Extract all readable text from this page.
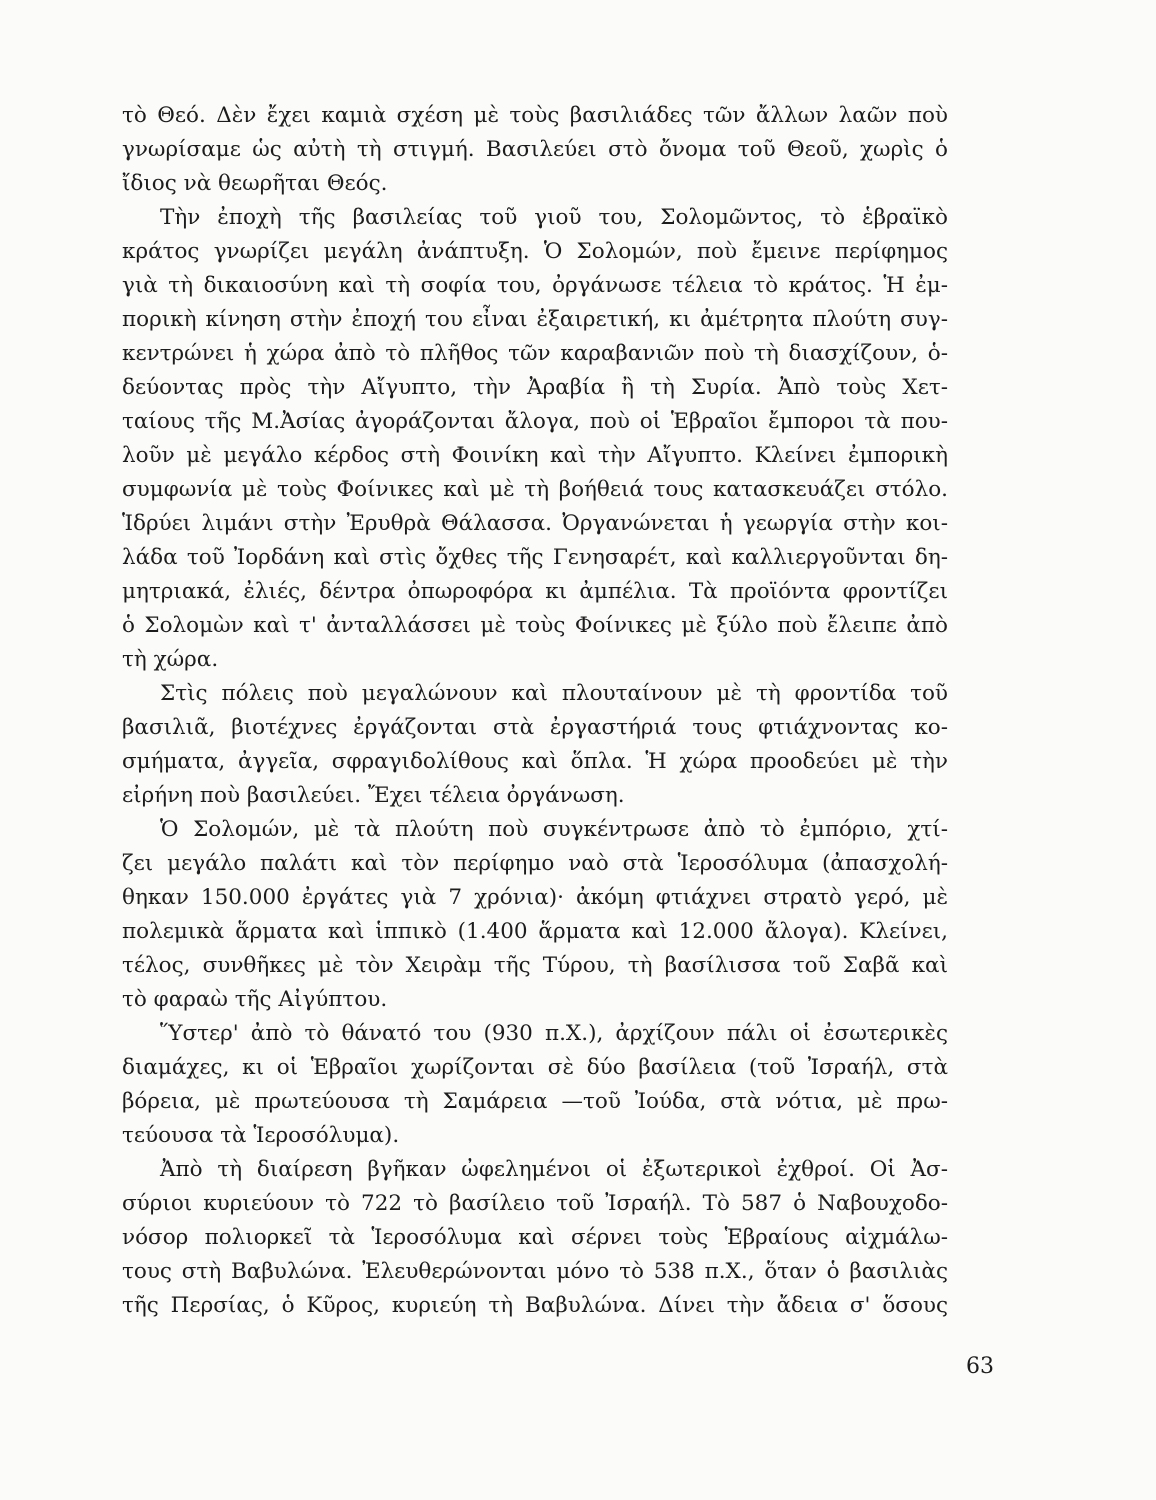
τὸ Θεό. Δὲν ἔχει καμιὰ σχέση μὲ τοὺς βασιλιάδες τῶν ἄλλων λαῶν ποὺ
γνωρίσαμε ὡς αὐτὴ τὴ στιγμή. Βασιλεύει στὸ ὄνομα τοῦ Θεοῦ, χωρὶς ὁ
ἴδιος νὰ θεωρῆται Θεός.
Τὴν ἐποχὴ τῆς βασιλείας τοῦ γιοῦ του, Σολομῶντος, τὸ ἑβραϊκὸ
κράτος γνωρίζει μεγάλη ἀνάπτυξη. Ὁ Σολομών, ποὺ ἔμεινε περίφημος
γιὰ τὴ δικαιοσύνη καὶ τὴ σοφία του, ὀργάνωσε τέλεια τὸ κράτος. Ἡ ἐμ-
πορικὴ κίνηση στὴν ἐποχή του εἶναι ἐξαιρετική, κι ἀμέτρητα πλούτη συγ-
κεντρώνει ἡ χώρα ἀπὸ τὸ πλῆθος τῶν καραβανιῶν ποὺ τὴ διασχίζουν, ὁ-
δεύοντας πρὸς τὴν Αἴγυπτο, τὴν Ἀραβία ἢ τὴ Συρία. Ἀπὸ τοὺς Χετ-
ταίους τῆς Μ.Ἀσίας ἀγοράζονται ἄλογα, ποὺ οἱ Ἑβραῖοι ἔμποροι τὰ που-
λοῦν μὲ μεγάλο κέρδος στὴ Φοινίκη καὶ τὴν Αἴγυπτο. Κλείνει ἐμπορικὴ
συμφωνία μὲ τοὺς Φοίνικες καὶ μὲ τὴ βοήθειά τους κατασκευάζει στόλο.
Ἱδρύει λιμάνι στὴν Ἐρυθρὰ Θάλασσα. Ὀργανώνεται ἡ γεωργία στὴν κοι-
λάδα τοῦ Ἰορδάνη καὶ στὶς ὄχθες τῆς Γενησαρέτ, καὶ καλλιεργοῦνται δη-
μητριακά, ἐλιές, δέντρα ὀπωροφόρα κι ἀμπέλια. Τὰ προϊόντα φροντίζει
ὁ Σολομὼν καὶ τ' ἀνταλλάσσει μὲ τοὺς Φοίνικες μὲ ξύλο ποὺ ἔλειπε ἀπὸ
τὴ χώρα.
Στὶς πόλεις ποὺ μεγαλώνουν καὶ πλουταίνουν μὲ τὴ φροντίδα τοῦ
βασιλιᾶ, βιοτέχνες ἐργάζονται στὰ ἐργαστήριά τους φτιάχνοντας κο-
σμήματα, ἀγγεῖα, σφραγιδολίθους καὶ ὅπλα. Ἡ χώρα προοδεύει μὲ τὴν
εἰρήνη ποὺ βασιλεύει. Ἔχει τέλεια ὀργάνωση.
Ὁ Σολομών, μὲ τὰ πλούτη ποὺ συγκέντρωσε ἀπὸ τὸ ἐμπόριο, χτί-
ζει μεγάλο παλάτι καὶ τὸν περίφημο ναὸ στὰ Ἱεροσόλυμα (ἀπασχολή-
θηκαν 150.000 ἐργάτες γιὰ 7 χρόνια)· ἀκόμη φτιάχνει στρατὸ γερό, μὲ
πολεμικὰ ἅρματα καὶ ἱππικὸ (1.400 ἅρματα καὶ 12.000 ἄλογα). Κλείνει,
τέλος, συνθῆκες μὲ τὸν Χειρὰμ τῆς Τύρου, τὴ βασίλισσα τοῦ Σαβᾶ καὶ
τὸ φαραὼ τῆς Αἰγύπτου.
Ὕστερ' ἀπὸ τὸ θάνατό του (930 π.Χ.), ἀρχίζουν πάλι οἱ ἐσωτερικὲς
διαμάχες, κι οἱ Ἑβραῖοι χωρίζονται σὲ δύο βασίλεια (τοῦ Ἰσραήλ, στὰ
βόρεια, μὲ πρωτεύουσα τὴ Σαμάρεια —τοῦ Ἰούδα, στὰ νότια, μὲ πρω-
τεύουσα τὰ Ἱεροσόλυμα).
Ἀπὸ τὴ διαίρεση βγῆκαν ὠφελημένοι οἱ ἐξωτερικοὶ ἐχθροί. Οἱ Ἀσ-
σύριοι κυριεύουν τὸ 722 τὸ βασίλειο τοῦ Ἰσραήλ. Τὸ 587 ὁ Ναβουχοδο-
νόσορ πολιορκεῖ τὰ Ἱεροσόλυμα καὶ σέρνει τοὺς Ἑβραίους αἰχμάλω-
τους στὴ Βαβυλώνα. Ἐλευθερώνονται μόνο τὸ 538 π.Χ., ὅταν ὁ βασιλιὰς
τῆς Περσίας, ὁ Κῦρος, κυριεύη τὴ Βαβυλώνα. Δίνει τὴν ἄδεια σ' ὅσους
63
